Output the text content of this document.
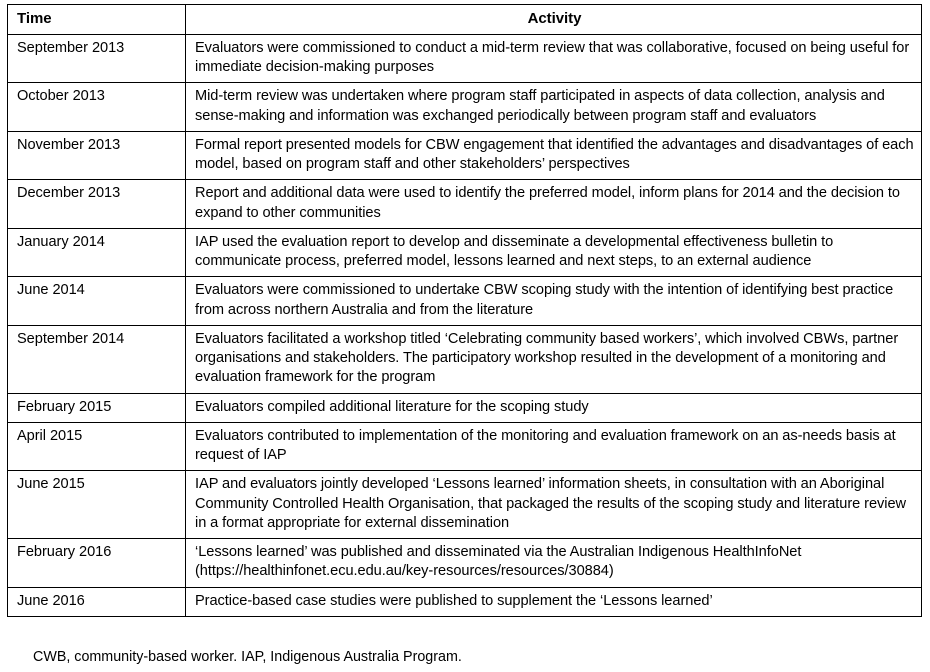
Time	Activity
September 2013	Evaluators were commissioned to conduct a mid-term review that was collaborative, focused on being useful for immediate decision-making purposes
October 2013	Mid-term review was undertaken where program staff participated in aspects of data collection, analysis and sense-making and information was exchanged periodically between program staff and evaluators
November 2013	Formal report presented models for CBW engagement that identified the advantages and disadvantages of each model, based on program staff and other stakeholders’ perspectives
December 2013	Report and additional data were used to identify the preferred model, inform plans for 2014 and the decision to expand to other communities
January 2014	IAP used the evaluation report to develop and disseminate a developmental effectiveness bulletin to communicate process, preferred model, lessons learned and next steps, to an external audience
June 2014	Evaluators were commissioned to undertake CBW scoping study with the intention of identifying best practice from across northern Australia and from the literature
September 2014	Evaluators facilitated a workshop titled ‘Celebrating community based workers’, which involved CBWs, partner organisations and stakeholders. The participatory workshop resulted in the development of a monitoring and evaluation framework for the program
February 2015	Evaluators compiled additional literature for the scoping study
April 2015	Evaluators contributed to implementation of the monitoring and evaluation framework on an as-needs basis at request of IAP
June 2015	IAP and evaluators jointly developed ‘Lessons learned’ information sheets, in consultation with an Aboriginal Community Controlled Health Organisation, that packaged the results of the scoping study and literature review in a format appropriate for external dissemination
February 2016	‘Lessons learned’ was published and disseminated via the Australian Indigenous HealthInfoNet (https://healthinfonet.ecu.edu.au/key-resources/resources/30884)
June 2016	Practice-based case studies were published to supplement the ‘Lessons learned’
CWB, community-based worker. IAP, Indigenous Australia Program.
